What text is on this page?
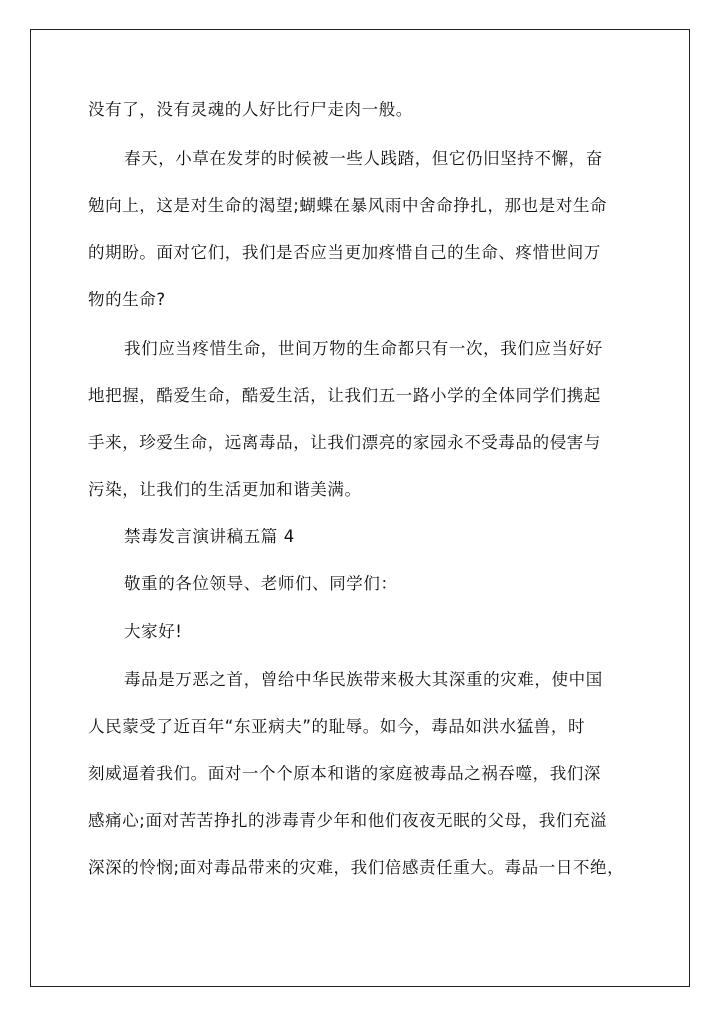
没有了，没有灵魂的人好比行尸走肉一般。
春天，小草在发芽的时候被一些人践踏，但它仍旧坚持不懈，奋
勉向上，这是对生命的渴望;蝴蝶在暴风雨中舍命挣扎，那也是对生命
的期盼。面对它们，我们是否应当更加疼惜自己的生命、疼惜世间万
物的生命?
我们应当疼惜生命，世间万物的生命都只有一次，我们应当好好
地把握，酷爱生命，酷爱生活，让我们五一路小学的全体同学们携起
手来，珍爱生命，远离毒品，让我们漂亮的家园永不受毒品的侵害与
污染，让我们的生活更加和谐美满。
禁毒发言演讲稿五篇 4
敬重的各位领导、老师们、同学们：
大家好!
毒品是万恶之首，曾给中华民族带来极大其深重的灾难，使中国
人民蒙受了近百年“东亚病夫”的耻辱。如今，毒品如洪水猛兽，时
刻威逼着我们。面对一个个原本和谐的家庭被毒品之祸吞噬，我们深
感痛心;面对苦苦挣扎的涉毒青少年和他们夜夜无眠的父母，我们充溢
深深的怜悯;面对毒品带来的灾难，我们倍感责任重大。毒品一日不绝，
